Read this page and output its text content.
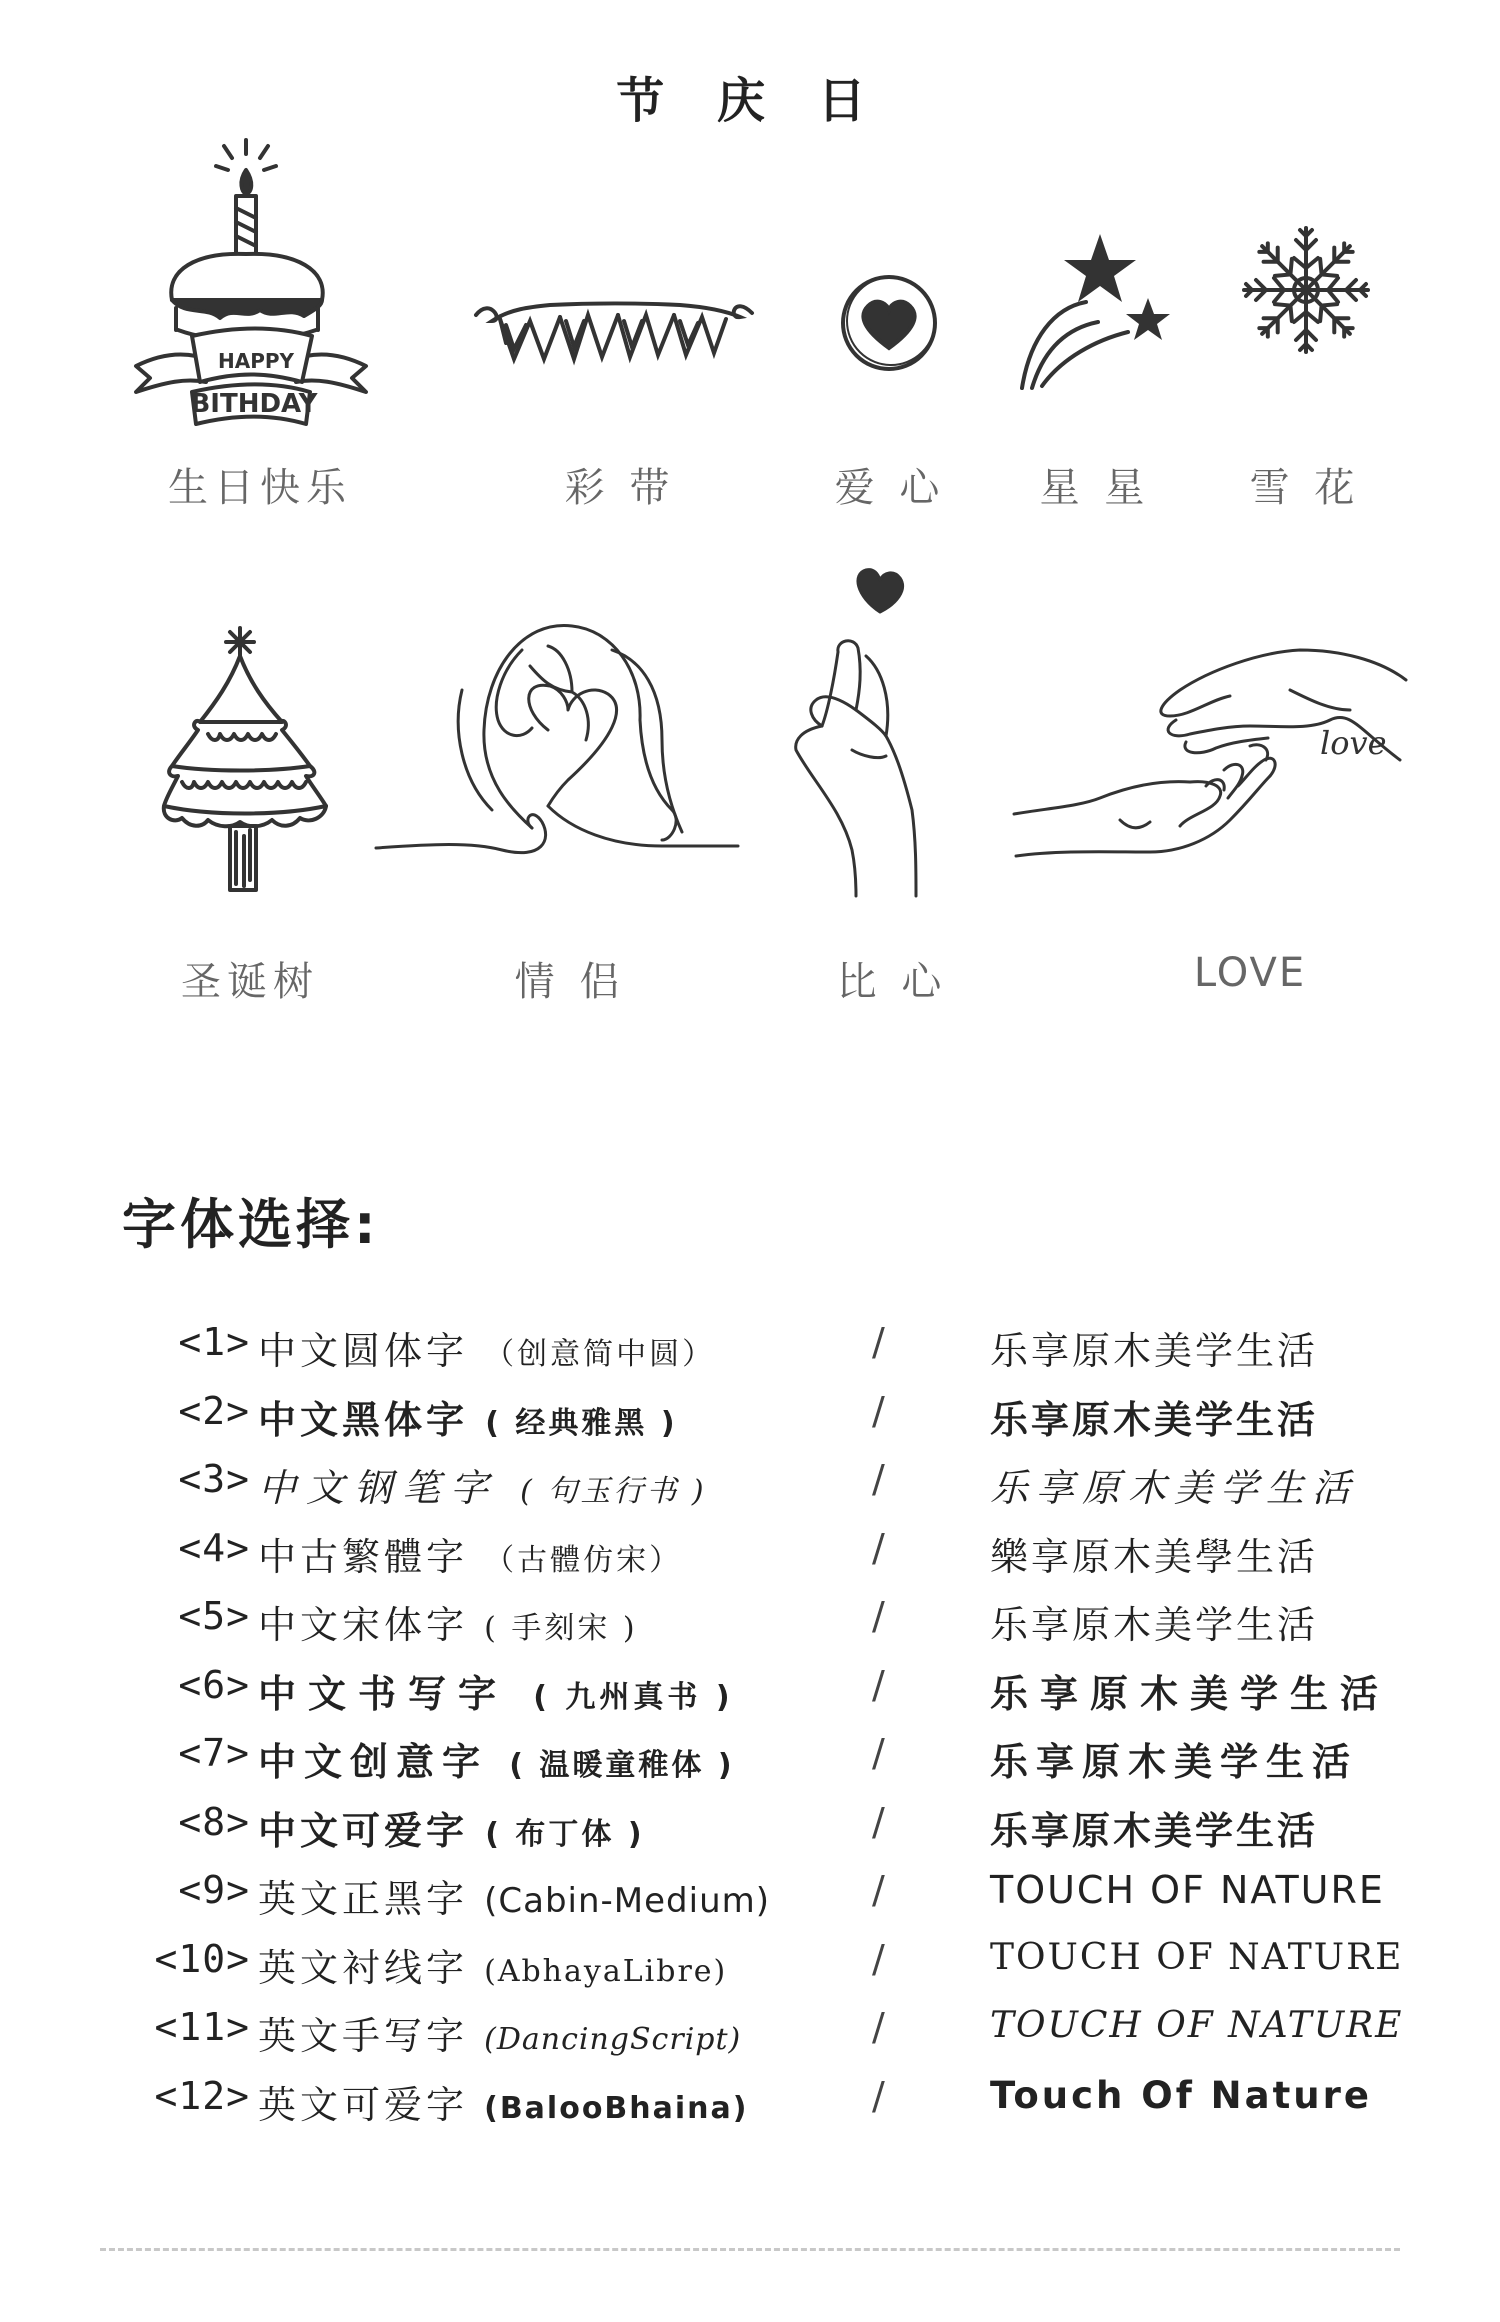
节 庆 日
HAPPY
BITHDAY
生日快乐	彩 带	爱 心	星 星	雪 花
love
圣诞树	情 侣	比 心	LOVE
字体选择:
<1> 中文圆体字 （创意简中圆）	/	乐享原木美学生活
<2> 中文黑体字 ( 经典雅黑 )	/	乐享原木美学生活
<3> 中文钢笔字 ( 句玉行书 )	/	乐享原木美学生活
<4> 中古繁體字 （古體仿宋）	/	樂享原木美學生活
<5> 中文宋体字 ( 手刻宋 )	/	乐享原木美学生活
<6> 中文书写字 ( 九州真书 )	/	乐享原木美学生活
<7> 中文创意字 ( 温暖童稚体 )	/	乐享原木美学生活
<8> 中文可爱字 ( 布丁体 )	/	乐享原木美学生活
<9> 英文正黑字 (Cabin-Medium)	/	TOUCH OF NATURE
<10> 英文衬线字 (AbhayaLibre)	/	TOUCH OF NATURE
<11> 英文手写字 (DancingScript)	/	TOUCH OF NATURE
<12> 英文可爱字 (BalooBhaina)	/	Touch Of Nature
